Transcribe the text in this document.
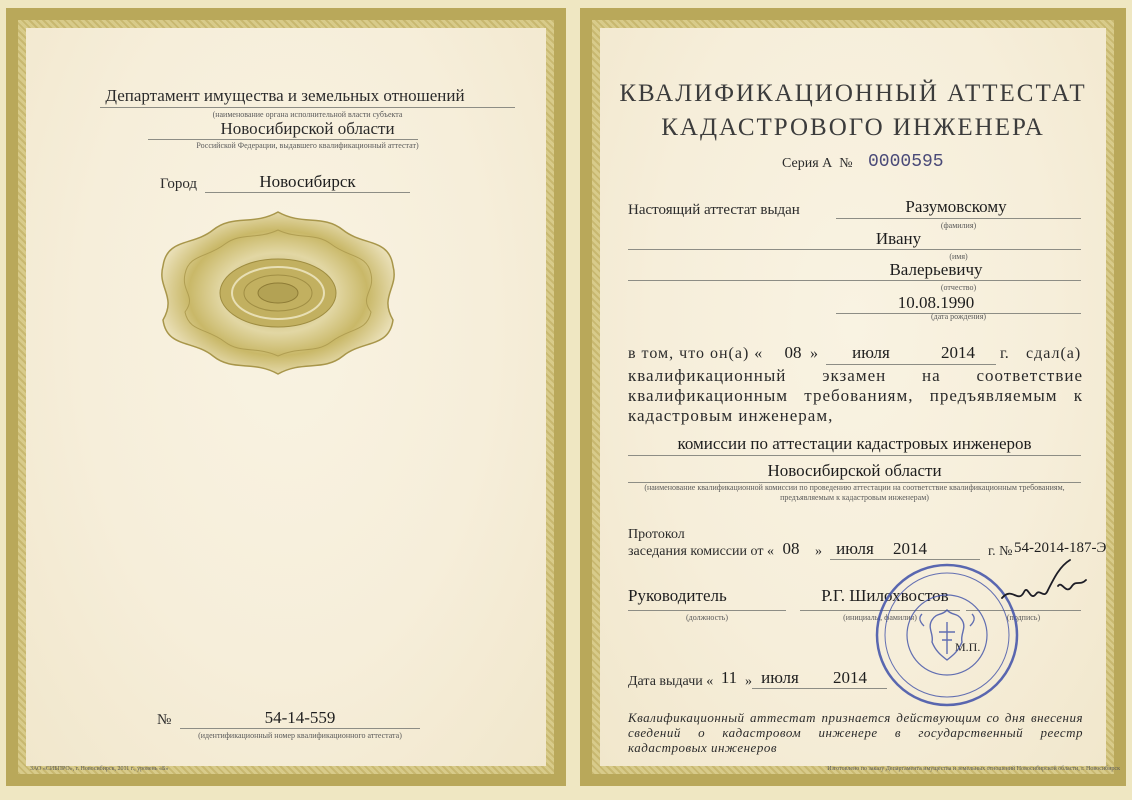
Департамент имущества и земельных отношений
(наименование органа исполнительной власти субъекта
Новосибирской области
Российской Федерации, выдавшего квалификационный аттестат)
Город	Новосибирск
№	54-14-559
(идентификационный номер квалификационного аттестата)
ЗАО «СИБПРО», г. Новосибирск, 2011 г., уровень «Б»
КВАЛИФИКАЦИОННЫЙ АТТЕСТАТ
КАДАСТРОВОГО ИНЖЕНЕРА
Серия А  № 0000595
Настоящий аттестат выдан	Разумовскому
(фамилия)
Ивану
(имя)
Валерьевичу
(отчество)
10.08.1990
(дата рождения)
в том, что он(а) «	08 »	июля	2014	г. сдал(а)
квалификационный экзамен на соответствие квалификационным требованиям, предъявляемым к кадастровым инженерам,
комиссии по аттестации кадастровых инженеров
Новосибирской области
(наименование квалификационной комиссии по проведению аттестации на соответствие квалификационным требованиям, предъявляемым к кадастровым инженерам)
Протокол
заседания комиссии от « 08	» июля	2014	г. № 54-2014-187-Э
Руководитель
(должность)
Р.Г. Шилохвостов
(инициалы, фамилия)	(подпись)
М.П.
Дата выдачи « 11 » июля	2014
Квалификационный аттестат признается действующим со дня внесения сведений о кадастровом инженере в государственный реестр кадастровых инженеров
Изготовлено по заказу Департамента имущества и земельных отношений Новосибирской области, г. Новосибирск
